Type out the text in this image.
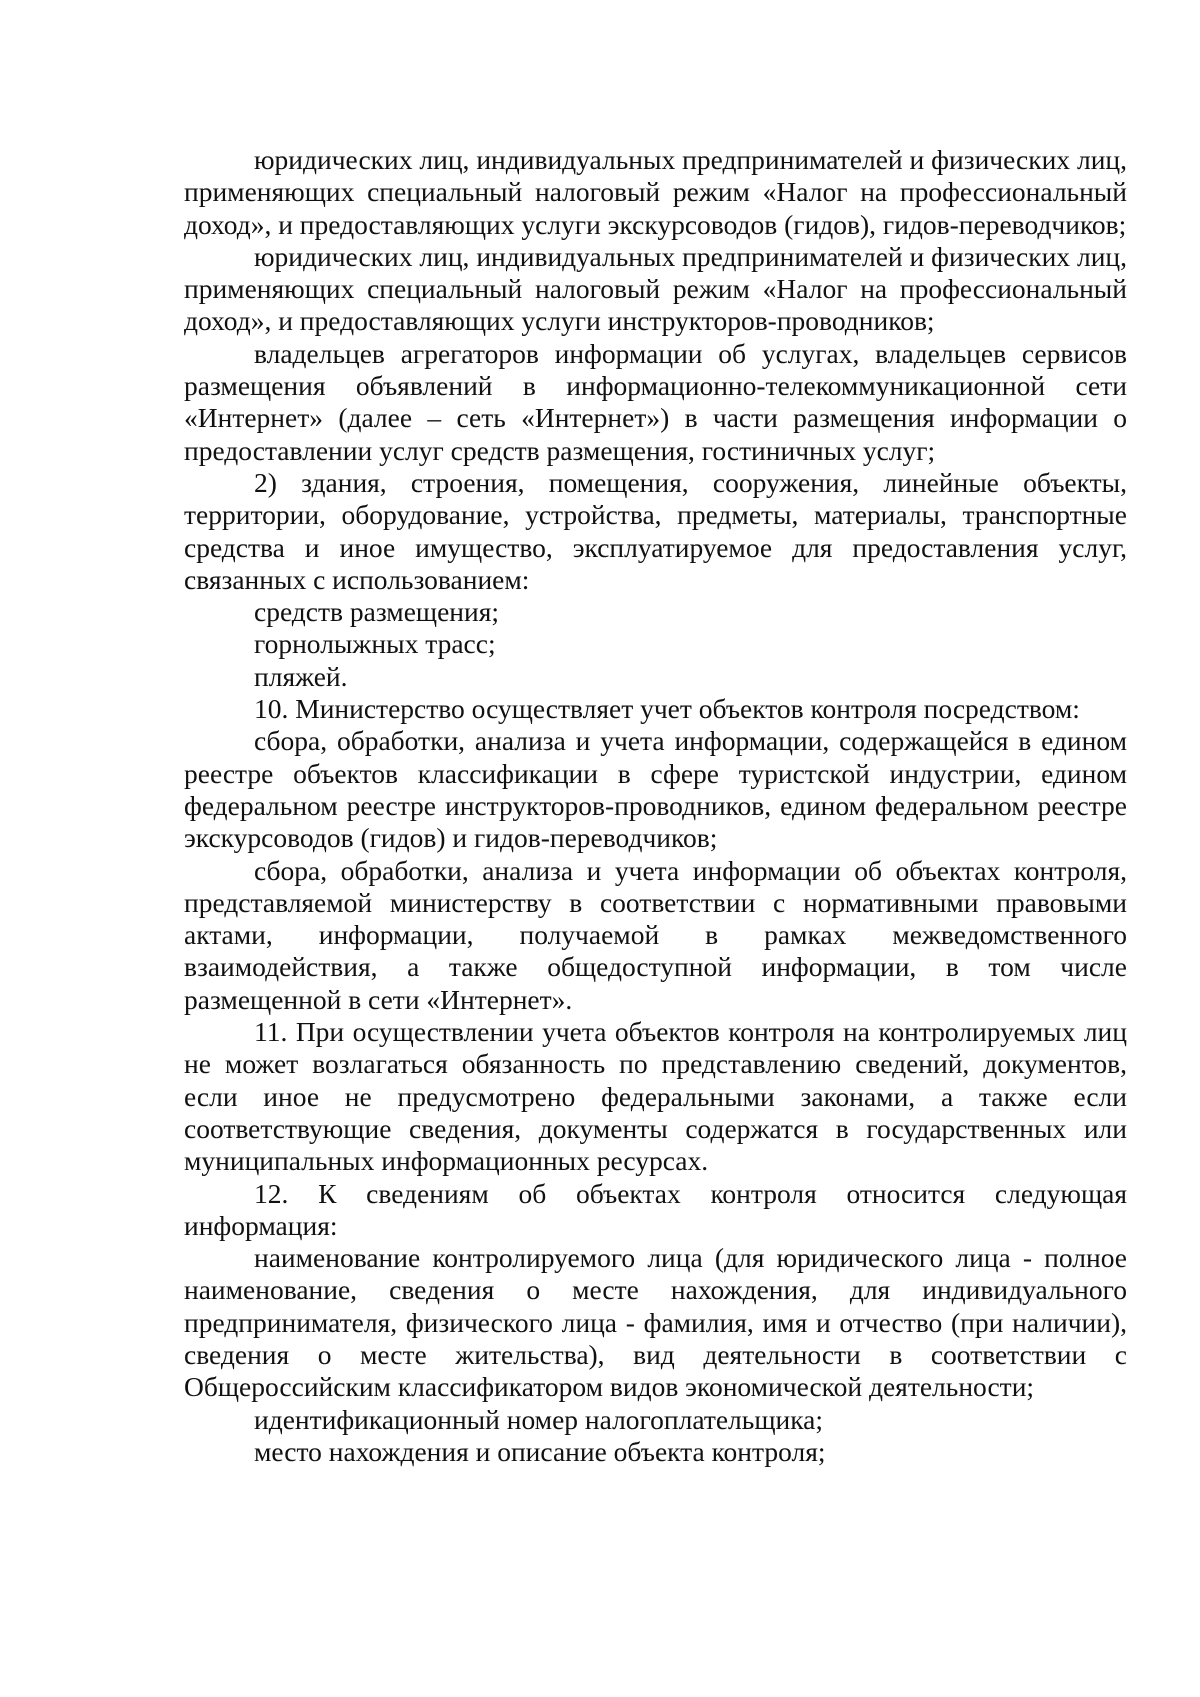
юридических лиц, индивидуальных предпринимателей и физических лиц, применяющих специальный налоговый режим «Налог на профессиональный доход», и предоставляющих услуги экскурсоводов (гидов), гидов-переводчиков;

юридических лиц, индивидуальных предпринимателей и физических лиц, применяющих специальный налоговый режим «Налог на профессиональный доход», и предоставляющих услуги инструкторов-проводников;

владельцев агрегаторов информации об услугах, владельцев сервисов размещения объявлений в информационно-телекоммуникационной сети «Интернет» (далее – сеть «Интернет») в части размещения информации о предоставлении услуг средств размещения, гостиничных услуг;

2) здания, строения, помещения, сооружения, линейные объекты, территории, оборудование, устройства, предметы, материалы, транспортные средства и иное имущество, эксплуатируемое для предоставления услуг, связанных с использованием:

средств размещения;

горнолыжных трасс;

пляжей.

10. Министерство осуществляет учет объектов контроля посредством:

сбора, обработки, анализа и учета информации, содержащейся в едином реестре объектов классификации в сфере туристской индустрии, едином федеральном реестре инструкторов-проводников, едином федеральном реестре экскурсоводов (гидов) и гидов-переводчиков;

сбора, обработки, анализа и учета информации об объектах контроля, представляемой министерству в соответствии с нормативными правовыми актами, информации, получаемой в рамках межведомственного взаимодействия, а также общедоступной информации, в том числе размещенной в сети «Интернет».

11. При осуществлении учета объектов контроля на контролируемых лиц не может возлагаться обязанность по представлению сведений, документов, если иное не предусмотрено федеральными законами, а также если соответствующие сведения, документы содержатся в государственных или муниципальных информационных ресурсах.

12. К сведениям об объектах контроля относится следующая информация:

наименование контролируемого лица (для юридического лица - полное наименование, сведения о месте нахождения, для индивидуального предпринимателя, физического лица - фамилия, имя и отчество (при наличии), сведения о месте жительства), вид деятельности в соответствии с Общероссийским классификатором видов экономической деятельности;

идентификационный номер налогоплательщика;

место нахождения и описание объекта контроля;
